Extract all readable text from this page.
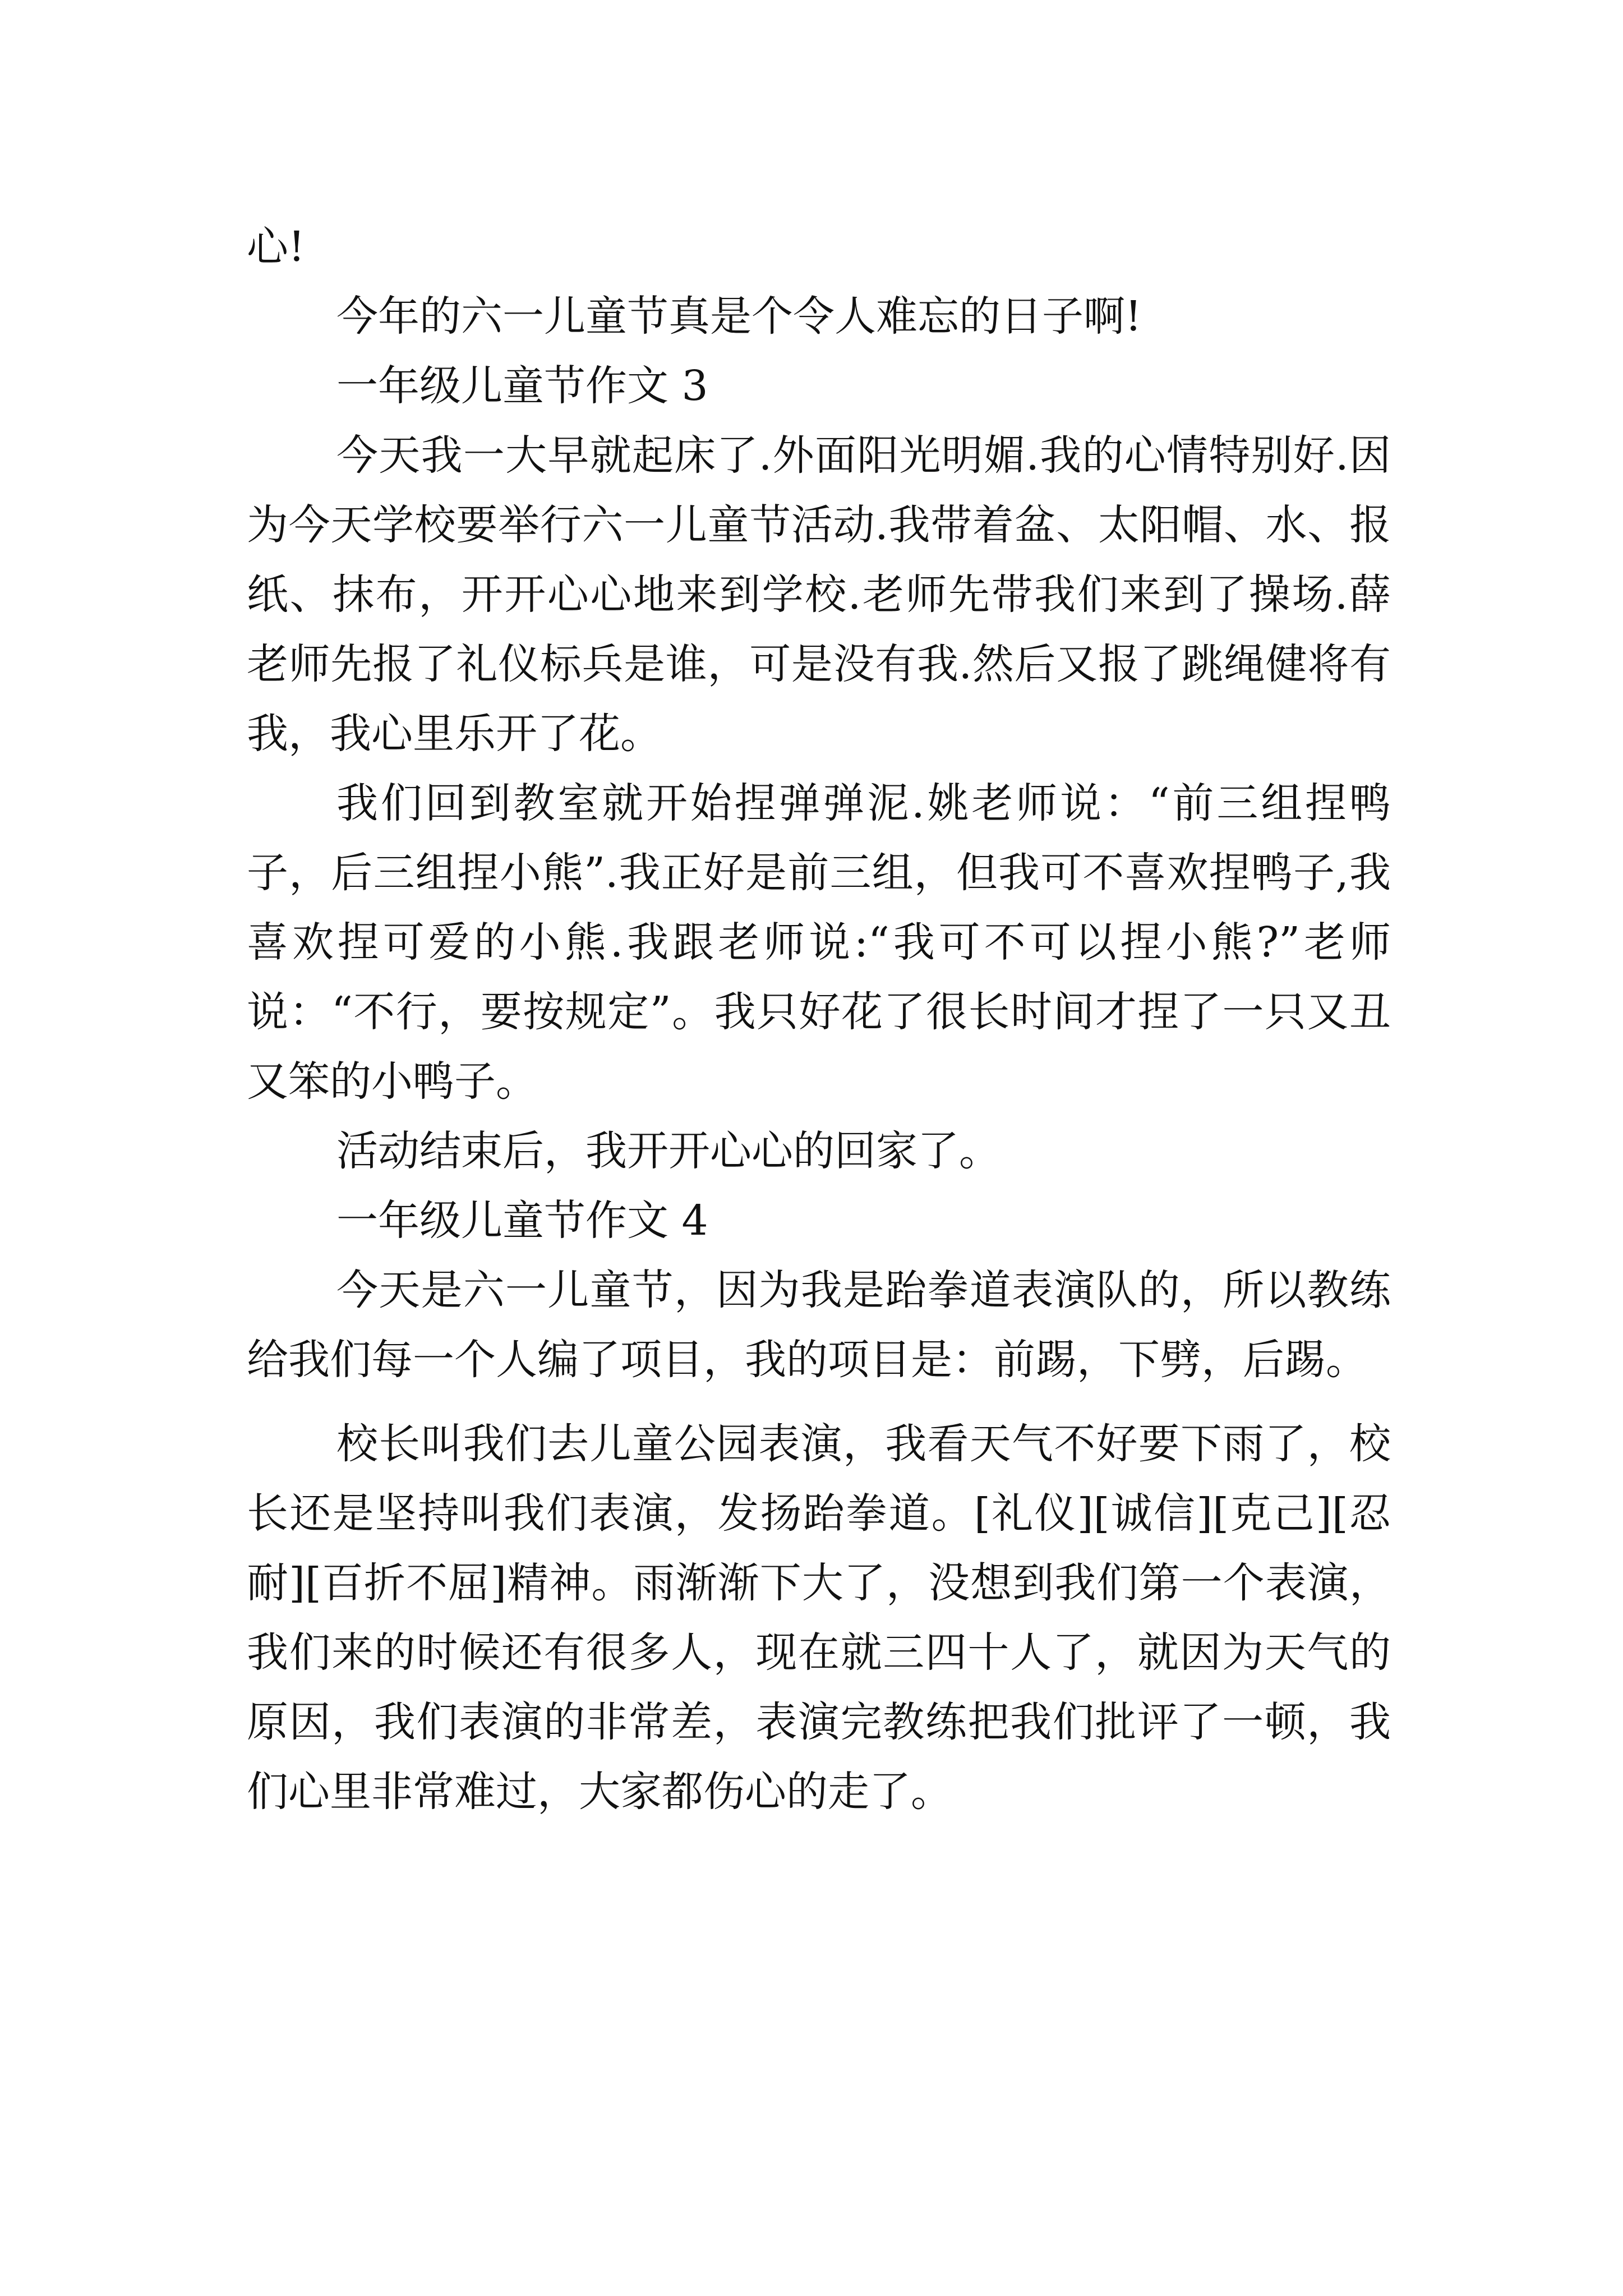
心!

今年的六一儿童节真是个令人难忘的日子啊!

一年级儿童节作文 3

今天我一大早就起床了.外面阳光明媚.我的心情特别好.因为今天学校要举行六一儿童节活动.我带着盆、太阳帽、水、报纸、抹布，开开心心地来到学校.老师先带我们来到了操场.薛老师先报了礼仪标兵是谁，可是没有我.然后又报了跳绳健将有我，我心里乐开了花。

我们回到教室就开始捏弹弹泥.姚老师说：“前三组捏鸭子，后三组捏小熊”.我正好是前三组，但我可不喜欢捏鸭子,我喜欢捏可爱的小熊.我跟老师说:“我可不可以捏小熊?”老师说：“不行，要按规定”。我只好花了很长时间才捏了一只又丑又笨的小鸭子。

活动结束后，我开开心心的回家了。

一年级儿童节作文 4

今天是六一儿童节，因为我是跆拳道表演队的，所以教练给我们每一个人编了项目，我的项目是：前踢，下劈，后踢。

校长叫我们去儿童公园表演，我看天气不好要下雨了，校长还是坚持叫我们表演，发扬跆拳道。[礼仪][诚信][克己][忍耐][百折不屈]精神。雨渐渐下大了，没想到我们第一个表演，我们来的时候还有很多人，现在就三四十人了，就因为天气的原因，我们表演的非常差，表演完教练把我们批评了一顿，我们心里非常难过，大家都伤心的走了。
